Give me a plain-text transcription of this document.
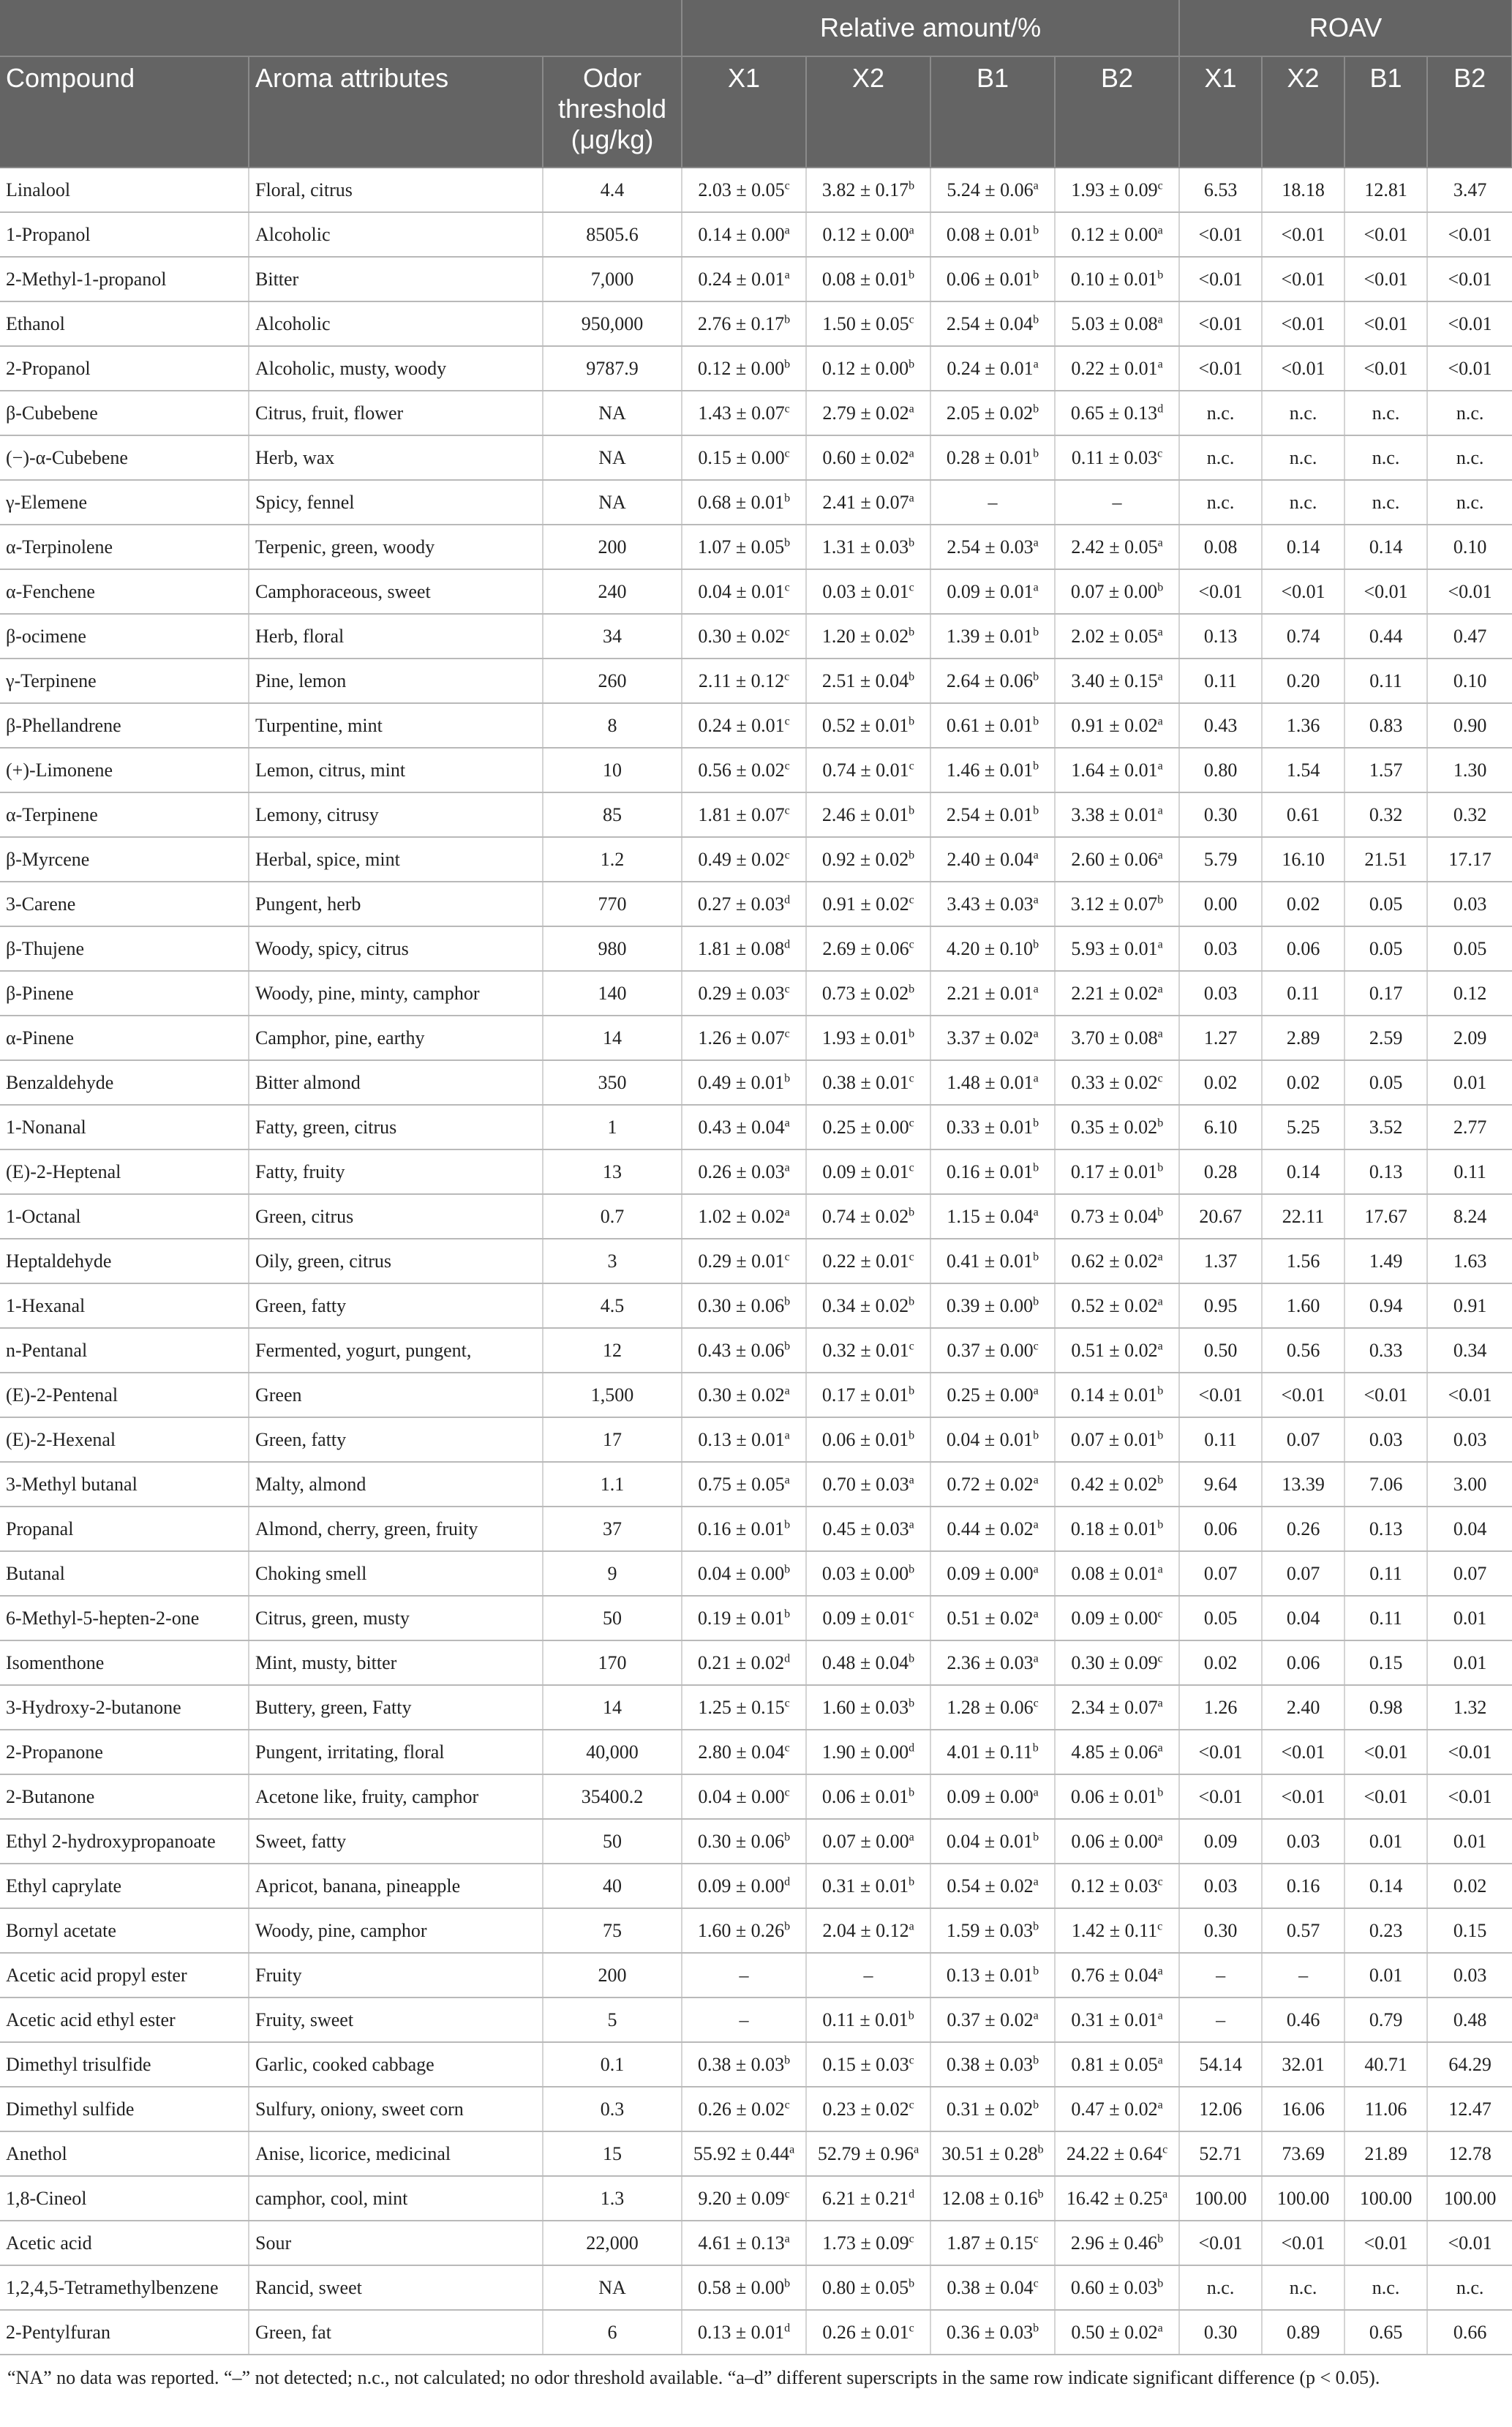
			Relative amount/%				ROAV			
Compound	Aroma attributes	Odor threshold (μg/kg)	X1	X2	B1	B2	X1	X2	B1	B2
Linalool	Floral, citrus	4.4	2.03 ± 0.05$^c$	3.82 ± 0.17$^b$	5.24 ± 0.06$^a$	1.93 ± 0.09$^c$	6.53	18.18	12.81	3.47
1-Propanol	Alcoholic	8505.6	0.14 ± 0.00$^a$	0.12 ± 0.00$^a$	0.08 ± 0.01$^b$	0.12 ± 0.00$^a$	<0.01	<0.01	<0.01	<0.01
2-Methyl-1-propanol	Bitter	7,000	0.24 ± 0.01$^a$	0.08 ± 0.01$^b$	0.06 ± 0.01$^b$	0.10 ± 0.01$^b$	<0.01	<0.01	<0.01	<0.01
Ethanol	Alcoholic	950,000	2.76 ± 0.17$^b$	1.50 ± 0.05$^c$	2.54 ± 0.04$^b$	5.03 ± 0.08$^a$	<0.01	<0.01	<0.01	<0.01
2-Propanol	Alcoholic, musty, woody	9787.9	0.12 ± 0.00$^b$	0.12 ± 0.00$^b$	0.24 ± 0.01$^a$	0.22 ± 0.01$^a$	<0.01	<0.01	<0.01	<0.01
β-Cubebene	Citrus, fruit, flower	NA	1.43 ± 0.07$^c$	2.79 ± 0.02$^a$	2.05 ± 0.02$^b$	0.65 ± 0.13$^d$	n.c.	n.c.	n.c.	n.c.
(−)-α-Cubebene	Herb, wax	NA	0.15 ± 0.00$^c$	0.60 ± 0.02$^a$	0.28 ± 0.01$^b$	0.11 ± 0.03$^c$	n.c.	n.c.	n.c.	n.c.
γ-Elemene	Spicy, fennel	NA	0.68 ± 0.01$^b$	2.41 ± 0.07$^a$	–	–	n.c.	n.c.	n.c.	n.c.
α-Terpinolene	Terpenic, green, woody	200	1.07 ± 0.05$^b$	1.31 ± 0.03$^b$	2.54 ± 0.03$^a$	2.42 ± 0.05$^a$	0.08	0.14	0.14	0.10
α-Fenchene	Camphoraceous, sweet	240	0.04 ± 0.01$^c$	0.03 ± 0.01$^c$	0.09 ± 0.01$^a$	0.07 ± 0.00$^b$	<0.01	<0.01	<0.01	<0.01
β-ocimene	Herb, floral	34	0.30 ± 0.02$^c$	1.20 ± 0.02$^b$	1.39 ± 0.01$^b$	2.02 ± 0.05$^a$	0.13	0.74	0.44	0.47
γ-Terpinene	Pine, lemon	260	2.11 ± 0.12$^c$	2.51 ± 0.04$^b$	2.64 ± 0.06$^b$	3.40 ± 0.15$^a$	0.11	0.20	0.11	0.10
β-Phellandrene	Turpentine, mint	8	0.24 ± 0.01$^c$	0.52 ± 0.01$^b$	0.61 ± 0.01$^b$	0.91 ± 0.02$^a$	0.43	1.36	0.83	0.90
(+)-Limonene	Lemon, citrus, mint	10	0.56 ± 0.02$^c$	0.74 ± 0.01$^c$	1.46 ± 0.01$^b$	1.64 ± 0.01$^a$	0.80	1.54	1.57	1.30
α-Terpinene	Lemony, citrusy	85	1.81 ± 0.07$^c$	2.46 ± 0.01$^b$	2.54 ± 0.01$^b$	3.38 ± 0.01$^a$	0.30	0.61	0.32	0.32
β-Myrcene	Herbal, spice, mint	1.2	0.49 ± 0.02$^c$	0.92 ± 0.02$^b$	2.40 ± 0.04$^a$	2.60 ± 0.06$^a$	5.79	16.10	21.51	17.17
3-Carene	Pungent, herb	770	0.27 ± 0.03$^d$	0.91 ± 0.02$^c$	3.43 ± 0.03$^a$	3.12 ± 0.07$^b$	0.00	0.02	0.05	0.03
β-Thujene	Woody, spicy, citrus	980	1.81 ± 0.08$^d$	2.69 ± 0.06$^c$	4.20 ± 0.10$^b$	5.93 ± 0.01$^a$	0.03	0.06	0.05	0.05
β-Pinene	Woody, pine, minty, camphor	140	0.29 ± 0.03$^c$	0.73 ± 0.02$^b$	2.21 ± 0.01$^a$	2.21 ± 0.02$^a$	0.03	0.11	0.17	0.12
α-Pinene	Camphor, pine, earthy	14	1.26 ± 0.07$^c$	1.93 ± 0.01$^b$	3.37 ± 0.02$^a$	3.70 ± 0.08$^a$	1.27	2.89	2.59	2.09
Benzaldehyde	Bitter almond	350	0.49 ± 0.01$^b$	0.38 ± 0.01$^c$	1.48 ± 0.01$^a$	0.33 ± 0.02$^c$	0.02	0.02	0.05	0.01
1-Nonanal	Fatty, green, citrus	1	0.43 ± 0.04$^a$	0.25 ± 0.00$^c$	0.33 ± 0.01$^b$	0.35 ± 0.02$^b$	6.10	5.25	3.52	2.77
(E)-2-Heptenal	Fatty, fruity	13	0.26 ± 0.03$^a$	0.09 ± 0.01$^c$	0.16 ± 0.01$^b$	0.17 ± 0.01$^b$	0.28	0.14	0.13	0.11
1-Octanal	Green, citrus	0.7	1.02 ± 0.02$^a$	0.74 ± 0.02$^b$	1.15 ± 0.04$^a$	0.73 ± 0.04$^b$	20.67	22.11	17.67	8.24
Heptaldehyde	Oily, green, citrus	3	0.29 ± 0.01$^c$	0.22 ± 0.01$^c$	0.41 ± 0.01$^b$	0.62 ± 0.02$^a$	1.37	1.56	1.49	1.63
1-Hexanal	Green, fatty	4.5	0.30 ± 0.06$^b$	0.34 ± 0.02$^b$	0.39 ± 0.00$^b$	0.52 ± 0.02$^a$	0.95	1.60	0.94	0.91
n-Pentanal	Fermented, yogurt, pungent,	12	0.43 ± 0.06$^b$	0.32 ± 0.01$^c$	0.37 ± 0.00$^c$	0.51 ± 0.02$^a$	0.50	0.56	0.33	0.34
(E)-2-Pentenal	Green	1,500	0.30 ± 0.02$^a$	0.17 ± 0.01$^b$	0.25 ± 0.00$^a$	0.14 ± 0.01$^b$	<0.01	<0.01	<0.01	<0.01
(E)-2-Hexenal	Green, fatty	17	0.13 ± 0.01$^a$	0.06 ± 0.01$^b$	0.04 ± 0.01$^b$	0.07 ± 0.01$^b$	0.11	0.07	0.03	0.03
3-Methyl butanal	Malty, almond	1.1	0.75 ± 0.05$^a$	0.70 ± 0.03$^a$	0.72 ± 0.02$^a$	0.42 ± 0.02$^b$	9.64	13.39	7.06	3.00
Propanal	Almond, cherry, green, fruity	37	0.16 ± 0.01$^b$	0.45 ± 0.03$^a$	0.44 ± 0.02$^a$	0.18 ± 0.01$^b$	0.06	0.26	0.13	0.04
Butanal	Choking smell	9	0.04 ± 0.00$^b$	0.03 ± 0.00$^b$	0.09 ± 0.00$^a$	0.08 ± 0.01$^a$	0.07	0.07	0.11	0.07
6-Methyl-5-hepten-2-one	Citrus, green, musty	50	0.19 ± 0.01$^b$	0.09 ± 0.01$^c$	0.51 ± 0.02$^a$	0.09 ± 0.00$^c$	0.05	0.04	0.11	0.01
Isomenthone	Mint, musty, bitter	170	0.21 ± 0.02$^d$	0.48 ± 0.04$^b$	2.36 ± 0.03$^a$	0.30 ± 0.09$^c$	0.02	0.06	0.15	0.01
3-Hydroxy-2-butanone	Buttery, green, Fatty	14	1.25 ± 0.15$^c$	1.60 ± 0.03$^b$	1.28 ± 0.06$^c$	2.34 ± 0.07$^a$	1.26	2.40	0.98	1.32
2-Propanone	Pungent, irritating, floral	40,000	2.80 ± 0.04$^c$	1.90 ± 0.00$^d$	4.01 ± 0.11$^b$	4.85 ± 0.06$^a$	<0.01	<0.01	<0.01	<0.01
2-Butanone	Acetone like, fruity, camphor	35400.2	0.04 ± 0.00$^c$	0.06 ± 0.01$^b$	0.09 ± 0.00$^a$	0.06 ± 0.01$^b$	<0.01	<0.01	<0.01	<0.01
Ethyl 2-hydroxypropanoate	Sweet, fatty	50	0.30 ± 0.06$^b$	0.07 ± 0.00$^a$	0.04 ± 0.01$^b$	0.06 ± 0.00$^a$	0.09	0.03	0.01	0.01
Ethyl caprylate	Apricot, banana, pineapple	40	0.09 ± 0.00$^d$	0.31 ± 0.01$^b$	0.54 ± 0.02$^a$	0.12 ± 0.03$^c$	0.03	0.16	0.14	0.02
Bornyl acetate	Woody, pine, camphor	75	1.60 ± 0.26$^b$	2.04 ± 0.12$^a$	1.59 ± 0.03$^b$	1.42 ± 0.11$^c$	0.30	0.57	0.23	0.15
Acetic acid propyl ester	Fruity	200	–	–	0.13 ± 0.01$^b$	0.76 ± 0.04$^a$	–	–	0.01	0.03
Acetic acid ethyl ester	Fruity, sweet	5	–	0.11 ± 0.01$^b$	0.37 ± 0.02$^a$	0.31 ± 0.01$^a$	–	0.46	0.79	0.48
Dimethyl trisulfide	Garlic, cooked cabbage	0.1	0.38 ± 0.03$^b$	0.15 ± 0.03$^c$	0.38 ± 0.03$^b$	0.81 ± 0.05$^a$	54.14	32.01	40.71	64.29
Dimethyl sulfide	Sulfury, oniony, sweet corn	0.3	0.26 ± 0.02$^c$	0.23 ± 0.02$^c$	0.31 ± 0.02$^b$	0.47 ± 0.02$^a$	12.06	16.06	11.06	12.47
Anethol	Anise, licorice, medicinal	15	55.92 ± 0.44$^a$	52.79 ± 0.96$^a$	30.51 ± 0.28$^b$	24.22 ± 0.64$^c$	52.71	73.69	21.89	12.78
1,8-Cineol	camphor, cool, mint	1.3	9.20 ± 0.09$^c$	6.21 ± 0.21$^d$	12.08 ± 0.16$^b$	16.42 ± 0.25$^a$	100.00	100.00	100.00	100.00
Acetic acid	Sour	22,000	4.61 ± 0.13$^a$	1.73 ± 0.09$^c$	1.87 ± 0.15$^c$	2.96 ± 0.46$^b$	<0.01	<0.01	<0.01	<0.01
1,2,4,5-Tetramethylbenzene	Rancid, sweet	NA	0.58 ± 0.00$^b$	0.80 ± 0.05$^b$	0.38 ± 0.04$^c$	0.60 ± 0.03$^b$	n.c.	n.c.	n.c.	n.c.
2-Pentylfuran	Green, fat	6	0.13 ± 0.01$^d$	0.26 ± 0.01$^c$	0.36 ± 0.03$^b$	0.50 ± 0.02$^a$	0.30	0.89	0.65	0.66
“NA” no data was reported. “–” not detected; n.c., not calculated; no odor threshold available. “a–d” different superscripts in the same row indicate significant difference (p < 0.05).
